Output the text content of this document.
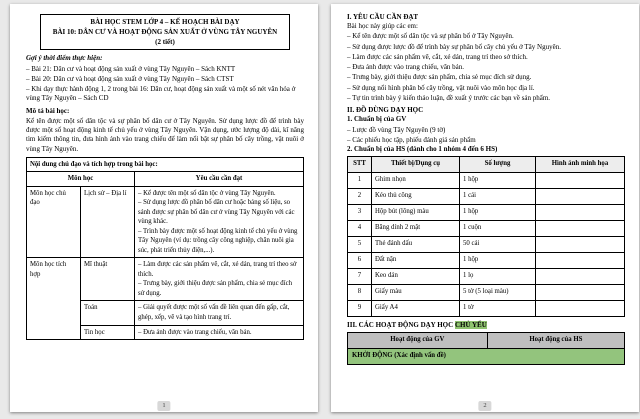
BÀI HỌC STEM LỚP 4 – KẾ HOẠCH BÀI DẠY
BÀI 10: DÂN CƯ VÀ HOẠT ĐỘNG SẢN XUẤT Ở VÙNG TÂY NGUYÊN
(2 tiết)
Gợi ý thời điểm thực hiện:
– Bài 21: Dân cư và hoạt động sản xuất ở vùng Tây Nguyên – Sách KNTT
– Bài 20: Dân cư và hoạt động sản xuất ở vùng Tây Nguyên – Sách CTST
– Khi dạy thực hành động 1, 2 trong bài 16: Dân cư, hoạt động sản xuất và một số nét văn hóa ở vùng Tây Nguyên – Sách CD
Mô tả bài học:
Kể tên được một số dân tộc và sự phân bố dân cư ở Tây Nguyên. Sử dụng lược đồ để trình bày được một số hoạt động kinh tế chủ yếu ở vùng Tây Nguyên. Vận dụng, ước lượng độ dài, kĩ năng tìm kiếm thông tin, đưa hình ảnh vào trang chiếu để làm nổi bật sự phân bố cây trồng, vật nuôi ở vùng Tây Nguyên.
Nội dung chủ đạo và tích hợp trong bài học:		
Môn học		Yêu cầu cần đạt
Môn học chủ đạo	Lịch sử – Địa lí	– Kể được tên một số dân tộc ở vùng Tây Nguyên.
– Sử dụng lược đồ phân bố dân cư hoặc bảng số liệu, so sánh được sự phân bố dân cư ở vùng Tây Nguyên với các vùng khác.
– Trình bày được một số hoạt động kinh tế chủ yếu ở vùng Tây Nguyên (ví dụ: trồng cây công nghiệp, chăn nuôi gia súc, phát triển thủy điện,...).

Môn học tích hợp	Mĩ thuật	– Làm được các sản phẩm vẽ, cắt, xé dán, trang trí theo sở thích.
– Trưng bày, giới thiệu được sản phẩm, chia sẻ mục đích sử dụng.

	Toán	– Giải quyết được một số vấn đề liên quan đến gấp, cắt, ghép, xếp, vẽ và tạo hình trang trí.

	Tin học	– Đưa ảnh được vào trang chiếu, văn bản.
1
I. YÊU CẦU CẦN ĐẠT
Bài học này giúp các em:
– Kể tên được một số dân tộc và sự phân bố ở Tây Nguyên.
– Sử dụng được lược đồ để trình bày sự phân bố cây chủ yếu ở Tây Nguyên.
– Làm được các sản phẩm vẽ, cắt, xé dán, trang trí theo sở thích.
– Đưa ảnh được vào trang chiếu, văn bản.
– Trưng bày, giới thiệu được sản phẩm, chia sẻ mục đích sử dụng.
– Sử dụng nổi hình phân bố cây trồng, vật nuôi vào môn học địa lí.
– Tự tin trình bày ý kiến thảo luận, đề xuất ý trước các bạn về sản phẩm.
II. ĐỒ DÙNG DẠY HỌC
1. Chuẩn bị của GV
– Lược đồ vùng Tây Nguyên (9 tờ)
– Các phiếu học tập, phiếu đánh giá sản phẩm
2. Chuẩn bị của HS (dành cho 1 nhóm 4 đến 6 HS)
STT	Thiết bị/Dụng cụ	Số lượng	Hình ảnh minh họa
1	Ghim nhọn	1 hộp	
2	Kéo thủ công	1 cái	
3	Hộp bút (lông) màu	1 hộp	
4	Băng dính 2 mặt	1 cuộn	
5	Thẻ đánh dấu	50 cái	
6	Đất nặn	1 hộp	
7	Keo dán	1 lọ	
8	Giấy màu	5 tờ (5 loại màu)	
9	Giấy A4	1 tờ	
III. CÁC HOẠT ĐỘNG DẠY HỌC CHỦ YẾU
Hoạt động của GV	Hoạt động của HS
KHỞI ĐỘNG (Xác định vấn đề)
2
